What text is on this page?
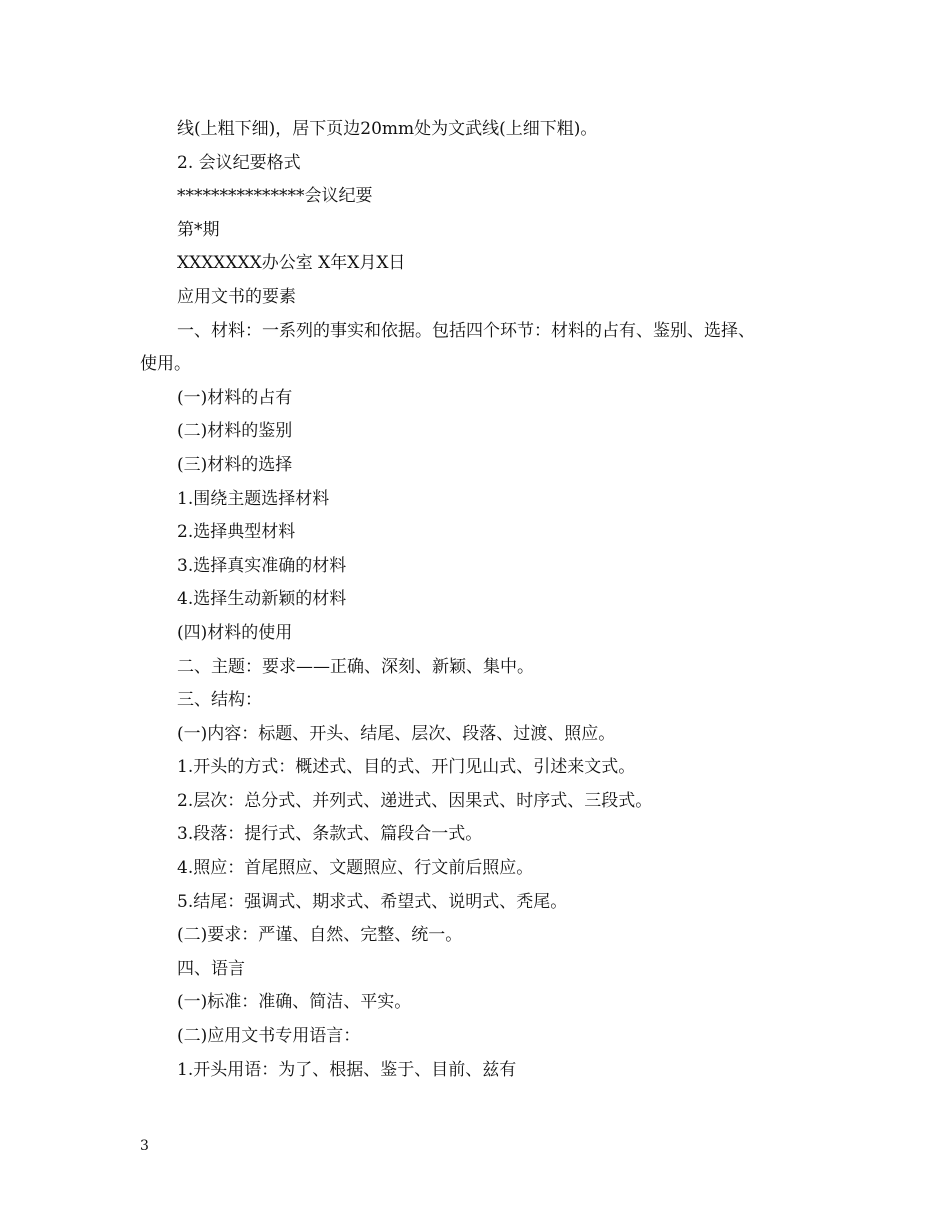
线(上粗下细)，居下页边20mm处为文武线(上细下粗)。
2. 会议纪要格式
***************会议纪要
第*期
XXXXXXX办公室 X年X月X日
应用文书的要素
一、材料：一系列的事实和依据。包括四个环节：材料的占有、鉴别、选择、
使用。
(一)材料的占有
(二)材料的鉴别
(三)材料的选择
1.围绕主题选择材料
2.选择典型材料
3.选择真实准确的材料
4.选择生动新颖的材料
(四)材料的使用
二、主题：要求——正确、深刻、新颖、集中。
三、结构：
(一)内容：标题、开头、结尾、层次、段落、过渡、照应。
1.开头的方式：概述式、目的式、开门见山式、引述来文式。
2.层次：总分式、并列式、递进式、因果式、时序式、三段式。
3.段落：提行式、条款式、篇段合一式。
4.照应：首尾照应、文题照应、行文前后照应。
5.结尾：强调式、期求式、希望式、说明式、秃尾。
(二)要求：严谨、自然、完整、统一。
四、语言
(一)标准：准确、简洁、平实。
(二)应用文书专用语言：
1.开头用语：为了、根据、鉴于、目前、兹有
3
